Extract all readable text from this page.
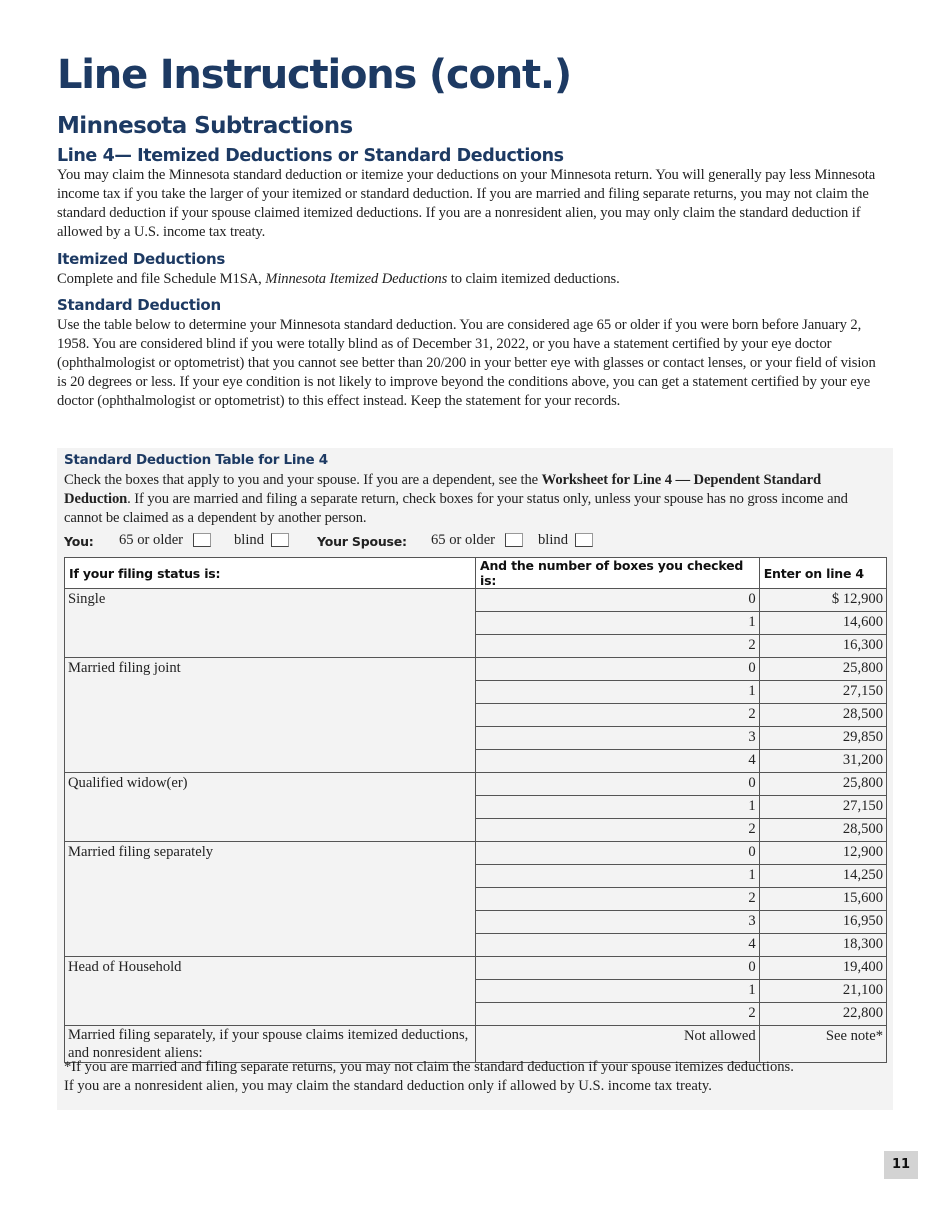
Line Instructions (cont.)
Minnesota Subtractions
Line 4— Itemized Deductions or Standard Deductions

You may claim the Minnesota standard deduction or itemize your deductions on your Minnesota return. You will generally pay less Minnesota income tax if you take the larger of your itemized or standard deduction. If you are married and filing separate returns, you may not claim the standard deduction if your spouse claimed itemized deductions. If you are a nonresident alien, you may only claim the standard deduction if allowed by a U.S. income tax treaty.

Itemized Deductions

Complete and file Schedule M1SA, Minnesota Itemized Deductions to claim itemized deductions.

Standard Deduction

Use the table below to determine your Minnesota standard deduction. You are considered age 65 or older if you were born before January 2, 1958. You are considered blind if you were totally blind as of December 31, 2022, or you have a statement certified by your eye doctor (ophthalmologist or optometrist) that you cannot see better than 20/200 in your better eye with glasses or contact lenses, or your field of vision is 20 degrees or less. If your eye condition is not likely to improve beyond the conditions above, you can get a statement certified by your eye doctor (ophthalmologist or optometrist) to this effect instead. Keep the statement for your records.

Standard Deduction Table for Line 4

Check the boxes that apply to you and your spouse. If you are a dependent, see the Worksheet for Line 4 — Dependent Standard Deduction. If you are married and filing a separate return, check boxes for your status only, unless your spouse has no gross income and cannot be claimed as a dependent by another person.

You: 65 or older	blind	Your Spouse: 65 or older	blind
If your filing status is:	And the number of boxes you checked is:	Enter on line 4
Single	0	$ 12,900
	1	14,600
	2	16,300
Married filing joint	0	25,800
	1	27,150
	2	28,500
	3	29,850
	4	31,200
Qualified widow(er)	0	25,800
	1	27,150
	2	28,500
Married filing separately	0	12,900
	1	14,250
	2	15,600
	3	16,950
	4	18,300
Head of Household	0	19,400
	1	21,100
	2	22,800
Married filing separately, if your spouse claims itemized deductions, and nonresident aliens:	Not allowed	See note*

*If you are married and filing separate returns, you may not claim the standard deduction if your spouse itemizes deductions.
If you are a nonresident alien, you may claim the standard deduction only if allowed by U.S. income tax treaty.

11
